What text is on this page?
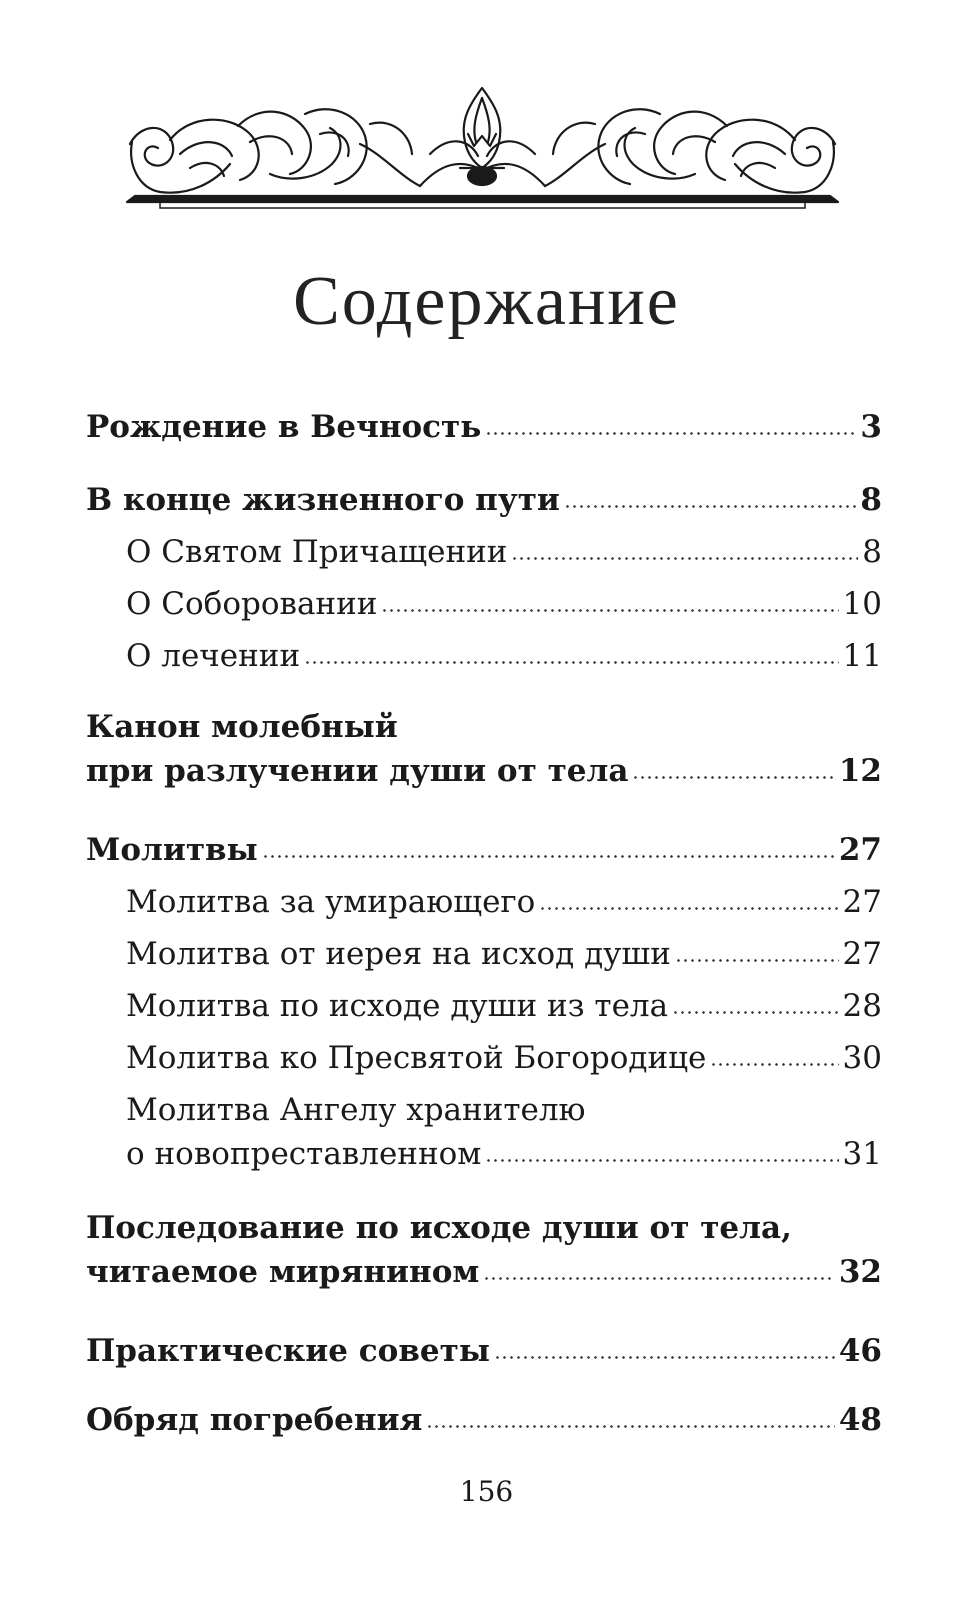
Содержание
Рождение в Вечность	3
В конце жизненного пути	8
О Святом Причащении	8
О Соборовании	10
О лечении	11
Канон молебный
при разлучении души от тела	12
Молитвы	27
Молитва за умирающего	27
Молитва от иерея на исход души	27
Молитва по исходе души из тела	28
Молитва ко Пресвятой Богородице	30
Молитва Ангелу хранителю
о новопреставленном	31
Последование по исходе души от тела,
читаемое мирянином	32
Практические советы	46
Обряд погребения	48
156
